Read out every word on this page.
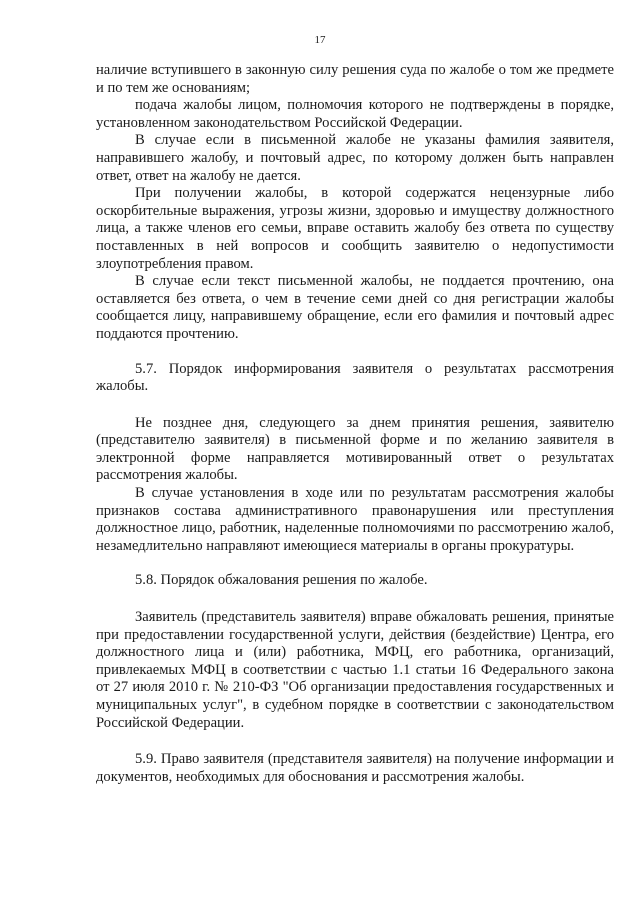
17

наличие вступившего в законную силу решения суда по жалобе о том же предмете и по тем же основаниям;

подача жалобы лицом, полномочия которого не подтверждены в порядке, установленном законодательством Российской Федерации.

В случае если в письменной жалобе не указаны фамилия заявителя, направившего жалобу, и почтовый адрес, по которому должен быть направлен ответ, ответ на жалобу не дается.

При получении жалобы, в которой содержатся нецензурные либо оскорбительные выражения, угрозы жизни, здоровью и имуществу должностного лица, а также членов его семьи, вправе оставить жалобу без ответа по существу поставленных в ней вопросов и сообщить заявителю о недопустимости злоупотребления правом.

В случае если текст письменной жалобы, не поддается прочтению, она оставляется без ответа, о чем в течение семи дней со дня регистрации жалобы сообщается лицу, направившему обращение, если его фамилия и почтовый адрес поддаются прочтению.

5.7. Порядок информирования заявителя о результатах рассмотрения жалобы.

Не позднее дня, следующего за днем принятия решения, заявителю (представителю заявителя) в письменной форме и по желанию заявителя в электронной форме направляется мотивированный ответ о результатах рассмотрения жалобы.

В случае установления в ходе или по результатам рассмотрения жалобы признаков состава административного правонарушения или преступления должностное лицо, работник, наделенные полномочиями по рассмотрению жалоб, незамедлительно направляют имеющиеся материалы в органы прокуратуры.

5.8. Порядок обжалования решения по жалобе.

Заявитель (представитель заявителя) вправе обжаловать решения, принятые при предоставлении государственной услуги, действия (бездействие) Центра, его должностного лица и (или) работника, МФЦ, его работника, организаций, привлекаемых МФЦ в соответствии с частью 1.1 статьи 16 Федерального закона от 27 июля 2010 г. № 210-ФЗ "Об организации предоставления государственных и муниципальных услуг", в судебном порядке в соответствии с законодательством Российской Федерации.

5.9. Право заявителя (представителя заявителя) на получение информации и документов, необходимых для обоснования и рассмотрения жалобы.
